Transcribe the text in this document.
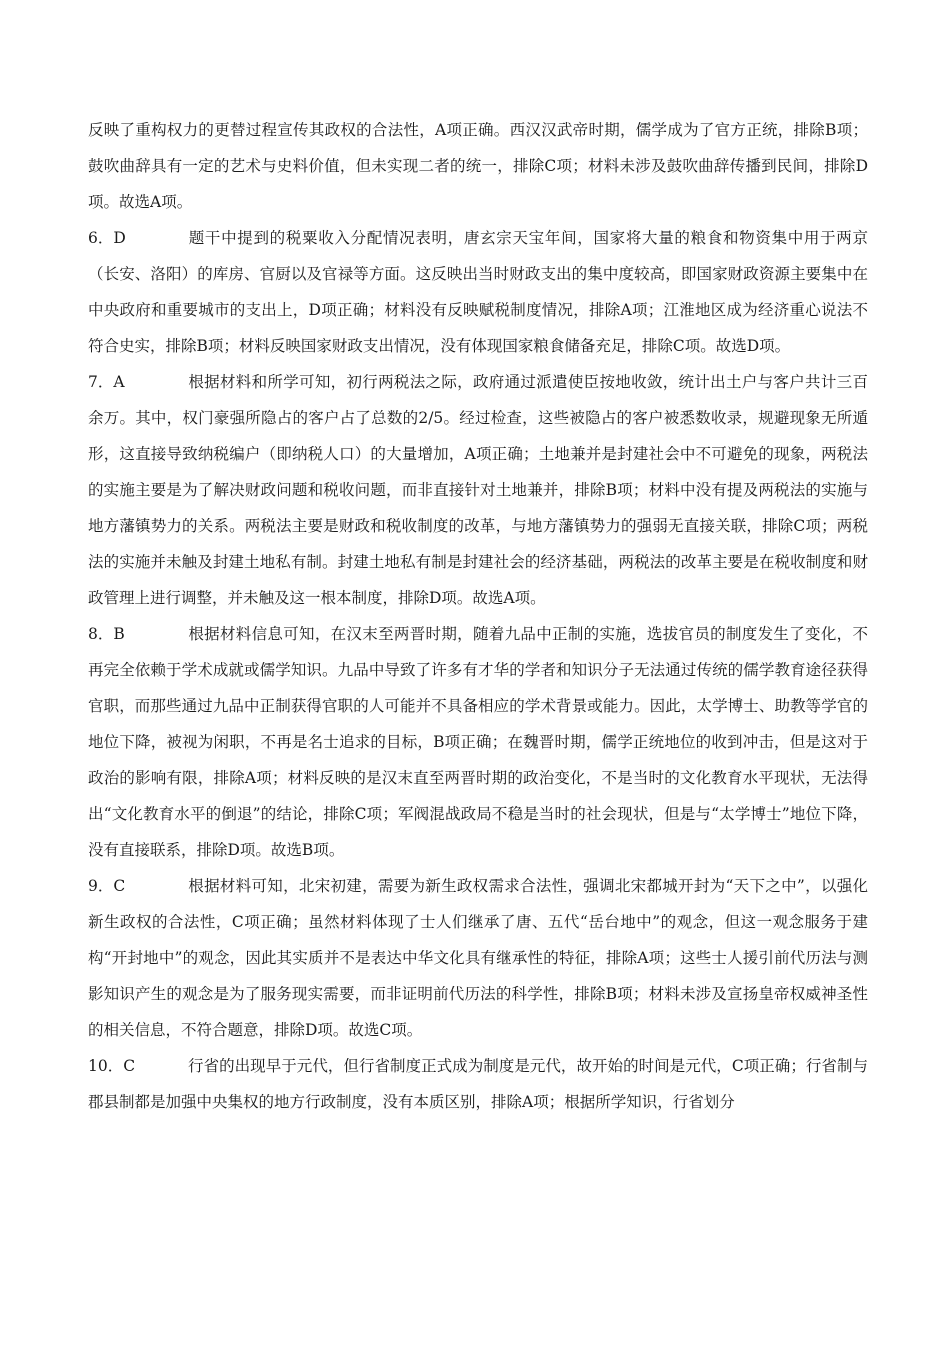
反映了重构权力的更替过程宣传其政权的合法性，A项正确。西汉汉武帝时期，儒学成为了官方正统，排除B项；鼓吹曲辞具有一定的艺术与史料价值，但未实现二者的统一，排除C项；材料未涉及鼓吹曲辞传播到民间，排除D项。故选A项。

6．D	题干中提到的税粟收入分配情况表明，唐玄宗天宝年间，国家将大量的粮食和物资集中用于两京（长安、洛阳）的库房、官厨以及官禄等方面。这反映出当时财政支出的集中度较高，即国家财政资源主要集中在中央政府和重要城市的支出上，D项正确；材料没有反映赋税制度情况，排除A项；江淮地区成为经济重心说法不符合史实，排除B项；材料反映国家财政支出情况，没有体现国家粮食储备充足，排除C项。故选D项。

7．A	根据材料和所学可知，初行两税法之际，政府通过派遣使臣按地收敛，统计出土户与客户共计三百余万。其中，权门豪强所隐占的客户占了总数的2/5。经过检查，这些被隐占的客户被悉数收录，规避现象无所遁形，这直接导致纳税编户（即纳税人口）的大量增加，A项正确；土地兼并是封建社会中不可避免的现象，两税法的实施主要是为了解决财政问题和税收问题，而非直接针对土地兼并，排除B项；材料中没有提及两税法的实施与地方藩镇势力的关系。两税法主要是财政和税收制度的改革，与地方藩镇势力的强弱无直接关联，排除C项；两税法的实施并未触及封建土地私有制。封建土地私有制是封建社会的经济基础，两税法的改革主要是在税收制度和财政管理上进行调整，并未触及这一根本制度，排除D项。故选A项。

8．B	根据材料信息可知，在汉末至两晋时期，随着九品中正制的实施，选拔官员的制度发生了变化，不再完全依赖于学术成就或儒学知识。九品中导致了许多有才华的学者和知识分子无法通过传统的儒学教育途径获得官职，而那些通过九品中正制获得官职的人可能并不具备相应的学术背景或能力。因此，太学博士、助教等学官的地位下降，被视为闲职，不再是名士追求的目标，B项正确；在魏晋时期，儒学正统地位的收到冲击，但是这对于政治的影响有限，排除A项；材料反映的是汉末直至两晋时期的政治变化，不是当时的文化教育水平现状，无法得出“文化教育水平的倒退”的结论，排除C项；军阀混战政局不稳是当时的社会现状，但是与“太学博士”地位下降，没有直接联系，排除D项。故选B项。

9．C	根据材料可知，北宋初建，需要为新生政权需求合法性，强调北宋都城开封为“天下之中”，以强化新生政权的合法性，C项正确；虽然材料体现了士人们继承了唐、五代“岳台地中”的观念，但这一观念服务于建构“开封地中”的观念，因此其实质并不是表达中华文化具有继承性的特征，排除A项；这些士人援引前代历法与测影知识产生的观念是为了服务现实需要，而非证明前代历法的科学性，排除B项；材料未涉及宣扬皇帝权威神圣性的相关信息，不符合题意，排除D项。故选C项。

10．C	行省的出现早于元代，但行省制度正式成为制度是元代，故开始的时间是元代，C项正确；行省制与郡县制都是加强中央集权的地方行政制度，没有本质区别，排除A项；根据所学知识，行省划分
